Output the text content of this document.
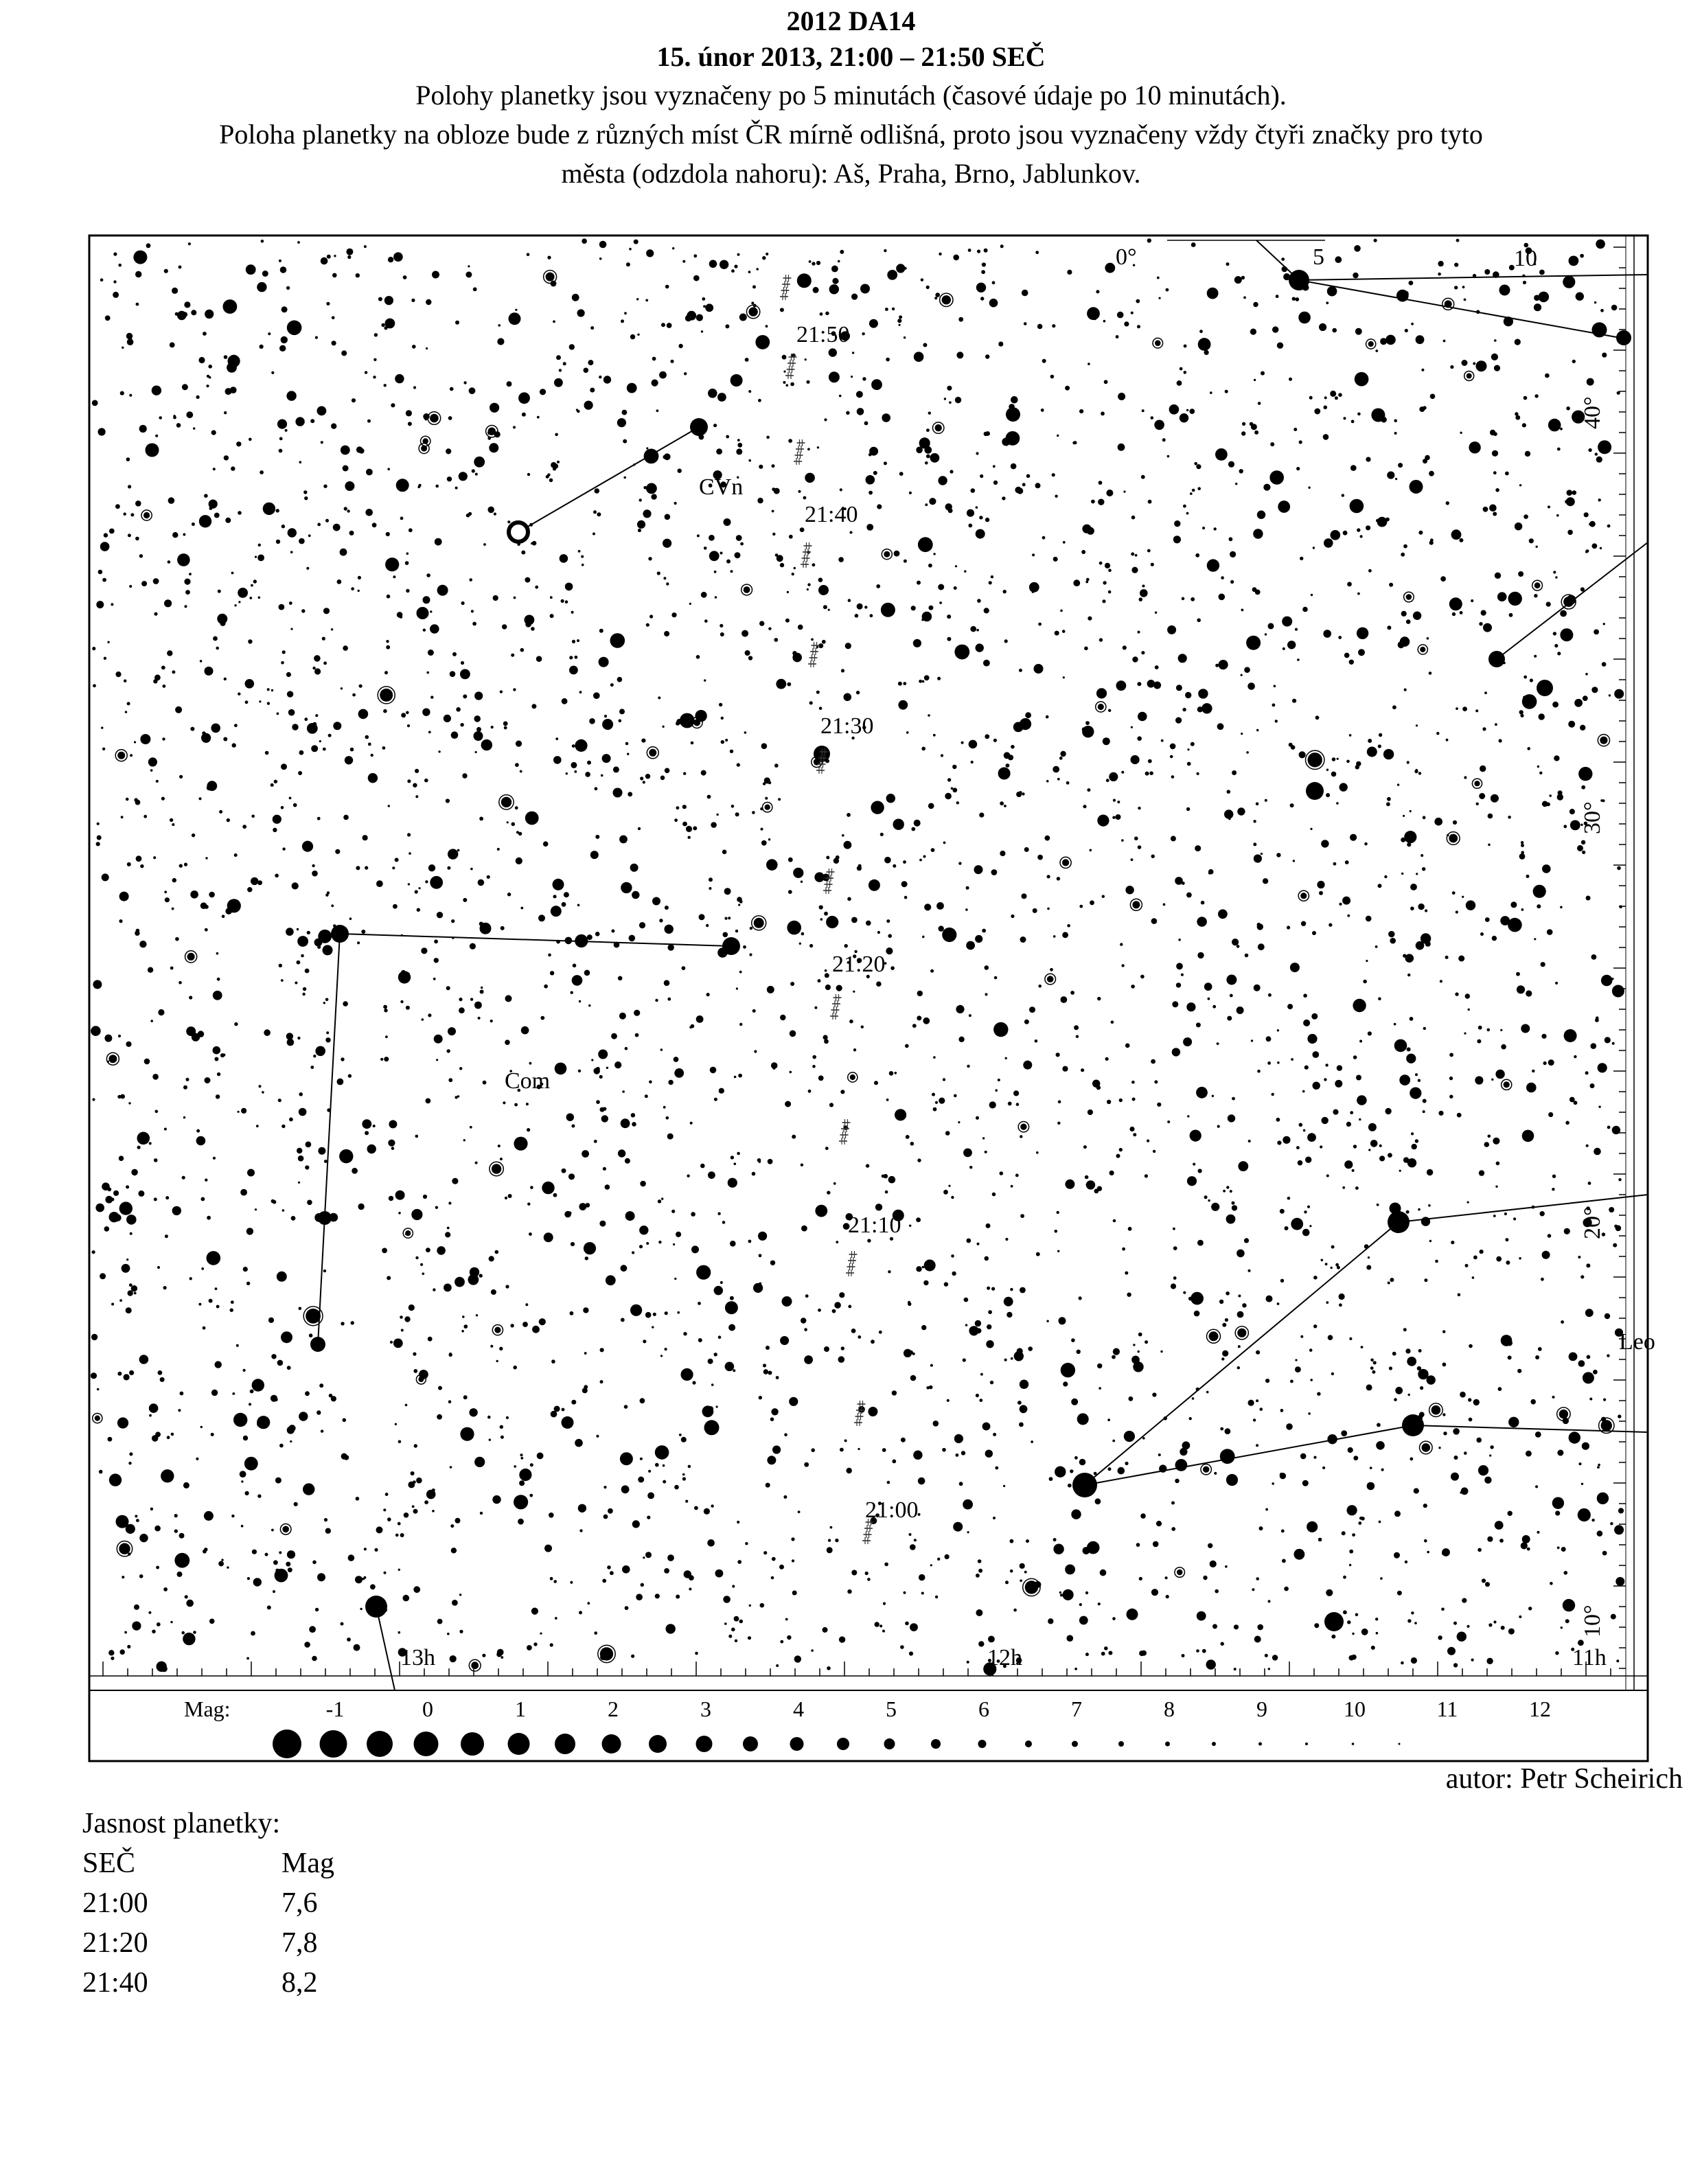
2012 DA14
15. únor 2013, 21:00 – 21:50 SEČ
Polohy planetky jsou vyznačeny po 5 minutách (časové údaje po 10 minutách).
Poloha planetky na obloze bude z různých míst ČR mírně odlišná, proto jsou vyznačeny vždy čtyři značky pro tyto
města (odzdola nahoru): Aš, Praha, Brno, Jablunkov.
CVn
Com
Leo
21:00
21:10
21:20
21:30
21:40
21:50
13h	12h	11h
40°
30°
20°
10°
0°	5	10
Mag:	-1	0	1	2	3	4	5	6	7	8	9	10	11	12
autor: Petr Scheirich
Jasnost planetky:
SEČ	Mag
21:00	7,6
21:20	7,8
21:40	8,2
